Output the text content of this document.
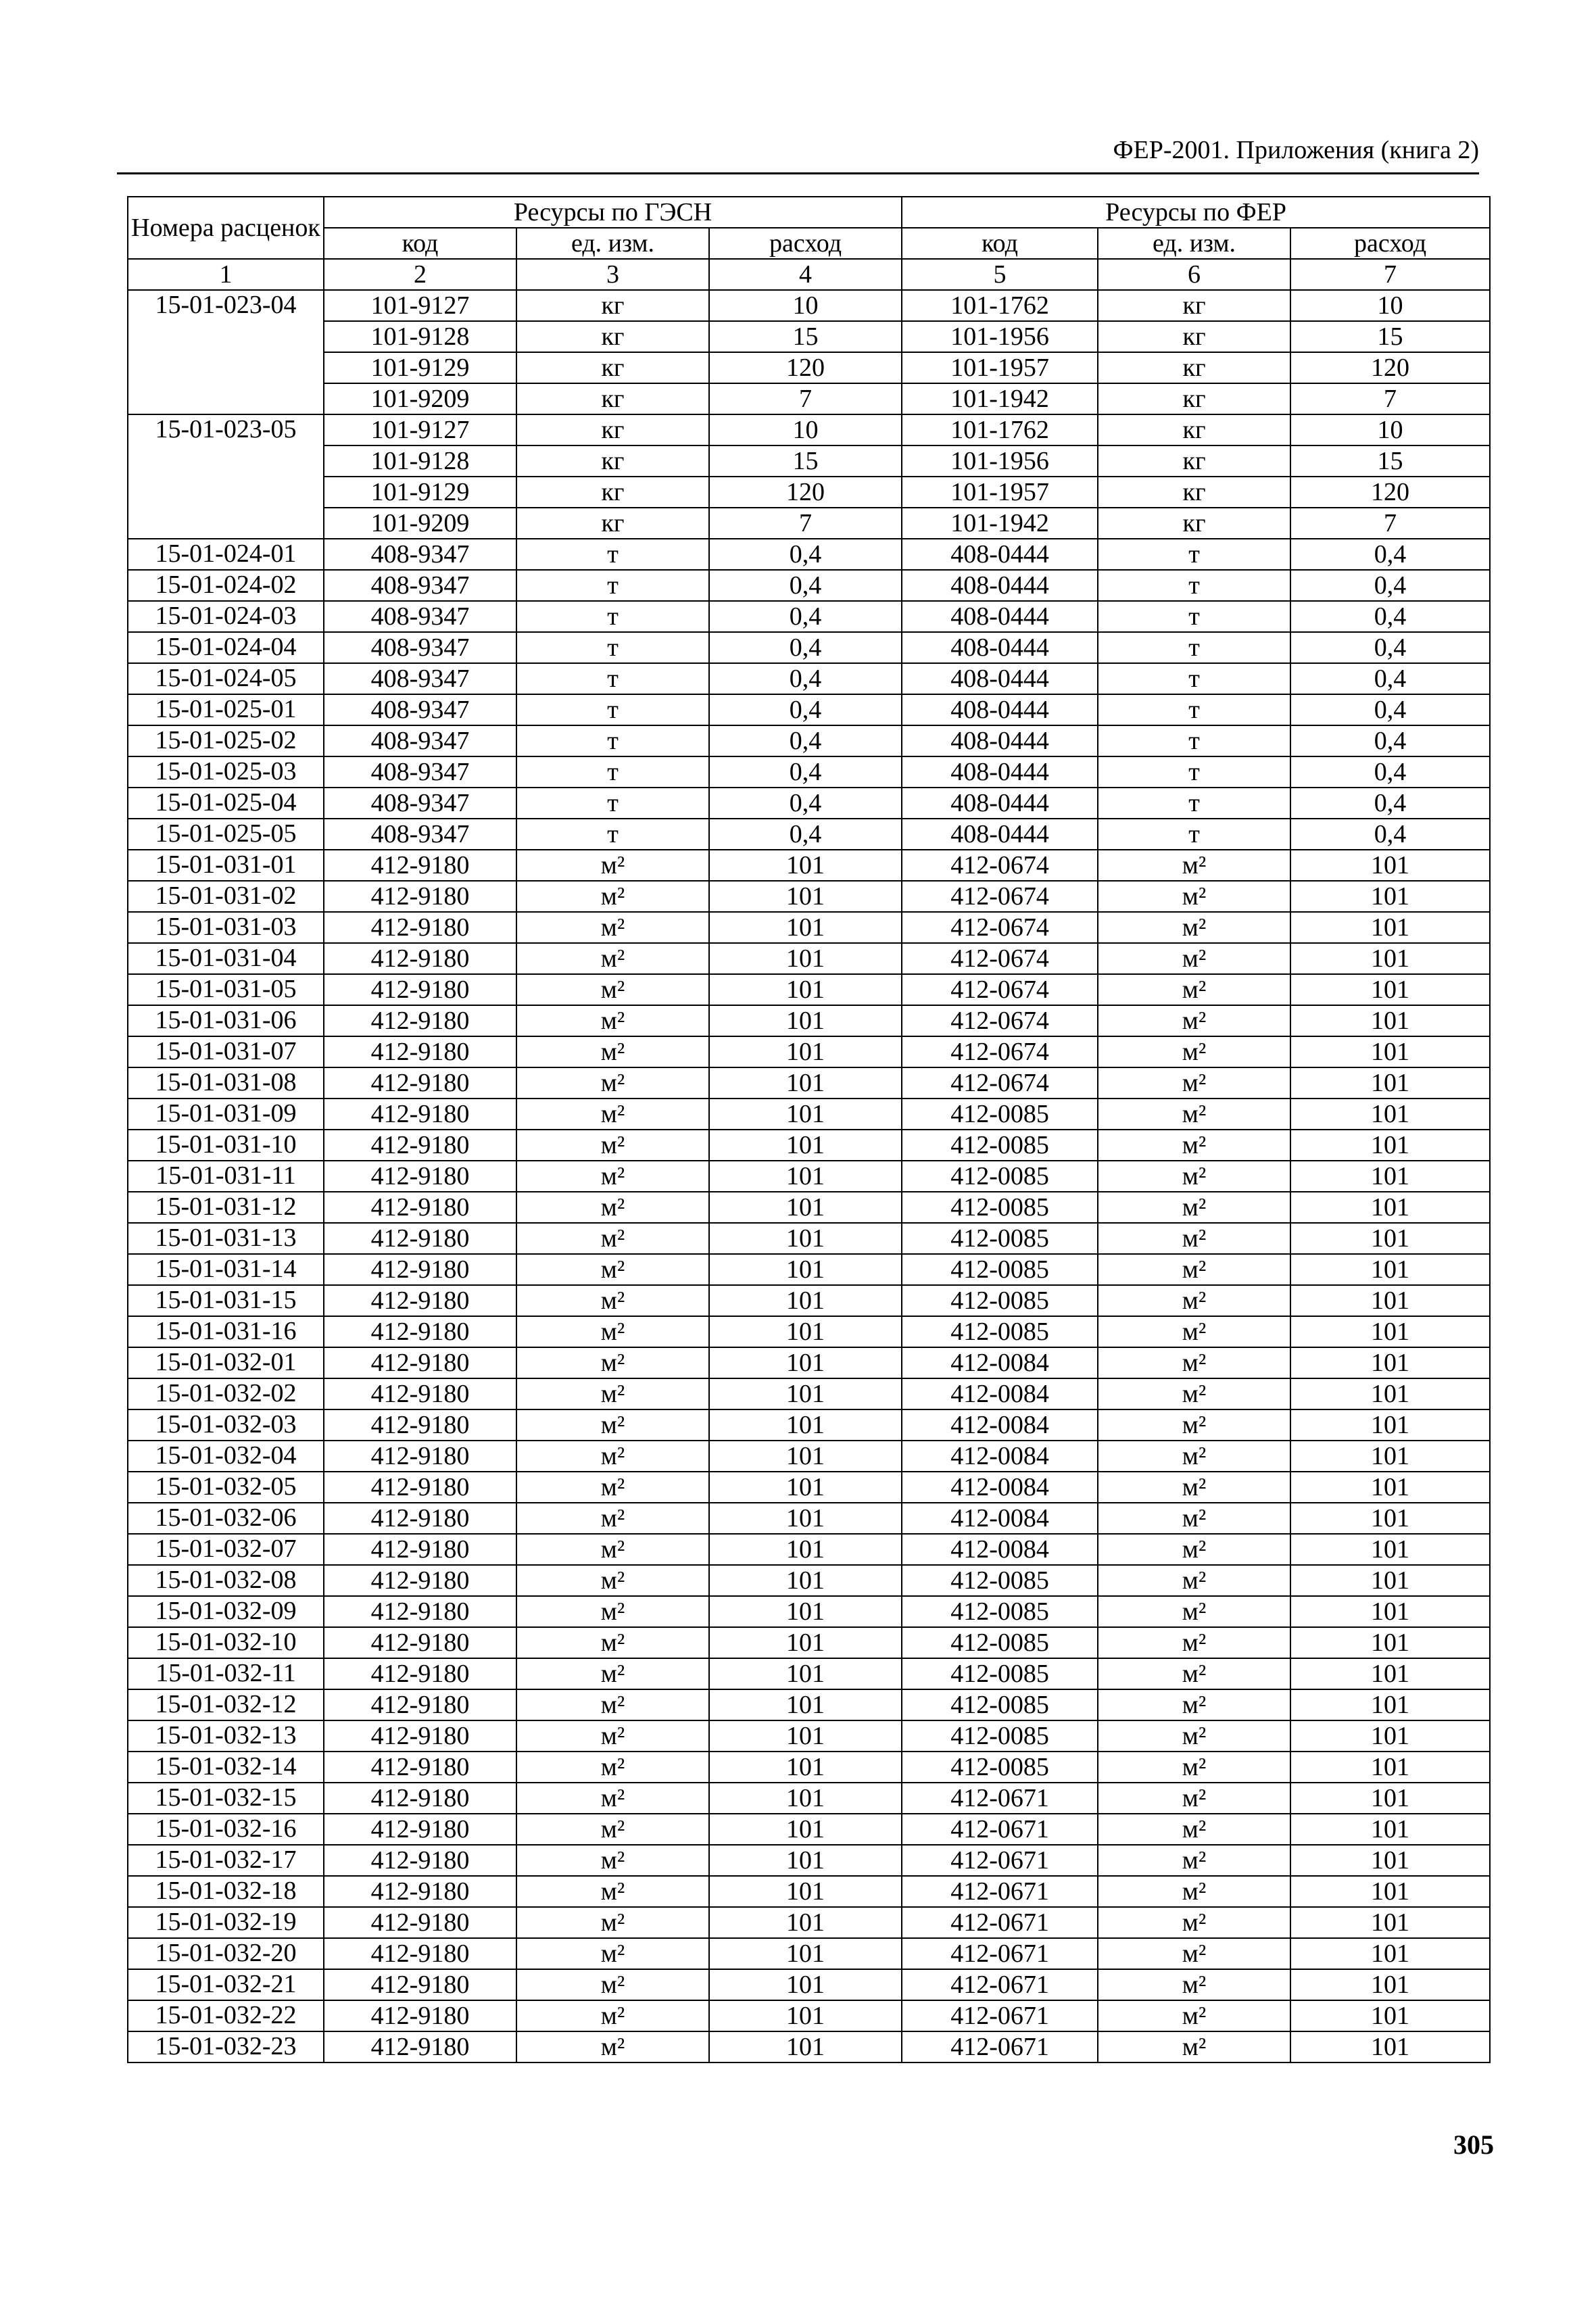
ФЕР-2001. Приложения (книга 2)
Номера расценок	Ресурсы по ГЭСН			Ресурсы по ФЕР		
	код	ед. изм.	расход	код	ед. изм.	расход
1	2	3	4	5	6	7
15-01-023-04	101-9127	кг	10	101-1762	кг	10
	101-9128	кг	15	101-1956	кг	15
	101-9129	кг	120	101-1957	кг	120
	101-9209	кг	7	101-1942	кг	7
15-01-023-05	101-9127	кг	10	101-1762	кг	10
	101-9128	кг	15	101-1956	кг	15
	101-9129	кг	120	101-1957	кг	120
	101-9209	кг	7	101-1942	кг	7
15-01-024-01	408-9347	т	0,4	408-0444	т	0,4
15-01-024-02	408-9347	т	0,4	408-0444	т	0,4
15-01-024-03	408-9347	т	0,4	408-0444	т	0,4
15-01-024-04	408-9347	т	0,4	408-0444	т	0,4
15-01-024-05	408-9347	т	0,4	408-0444	т	0,4
15-01-025-01	408-9347	т	0,4	408-0444	т	0,4
15-01-025-02	408-9347	т	0,4	408-0444	т	0,4
15-01-025-03	408-9347	т	0,4	408-0444	т	0,4
15-01-025-04	408-9347	т	0,4	408-0444	т	0,4
15-01-025-05	408-9347	т	0,4	408-0444	т	0,4
15-01-031-01	412-9180	м²	101	412-0674	м²	101
15-01-031-02	412-9180	м²	101	412-0674	м²	101
15-01-031-03	412-9180	м²	101	412-0674	м²	101
15-01-031-04	412-9180	м²	101	412-0674	м²	101
15-01-031-05	412-9180	м²	101	412-0674	м²	101
15-01-031-06	412-9180	м²	101	412-0674	м²	101
15-01-031-07	412-9180	м²	101	412-0674	м²	101
15-01-031-08	412-9180	м²	101	412-0674	м²	101
15-01-031-09	412-9180	м²	101	412-0085	м²	101
15-01-031-10	412-9180	м²	101	412-0085	м²	101
15-01-031-11	412-9180	м²	101	412-0085	м²	101
15-01-031-12	412-9180	м²	101	412-0085	м²	101
15-01-031-13	412-9180	м²	101	412-0085	м²	101
15-01-031-14	412-9180	м²	101	412-0085	м²	101
15-01-031-15	412-9180	м²	101	412-0085	м²	101
15-01-031-16	412-9180	м²	101	412-0085	м²	101
15-01-032-01	412-9180	м²	101	412-0084	м²	101
15-01-032-02	412-9180	м²	101	412-0084	м²	101
15-01-032-03	412-9180	м²	101	412-0084	м²	101
15-01-032-04	412-9180	м²	101	412-0084	м²	101
15-01-032-05	412-9180	м²	101	412-0084	м²	101
15-01-032-06	412-9180	м²	101	412-0084	м²	101
15-01-032-07	412-9180	м²	101	412-0084	м²	101
15-01-032-08	412-9180	м²	101	412-0085	м²	101
15-01-032-09	412-9180	м²	101	412-0085	м²	101
15-01-032-10	412-9180	м²	101	412-0085	м²	101
15-01-032-11	412-9180	м²	101	412-0085	м²	101
15-01-032-12	412-9180	м²	101	412-0085	м²	101
15-01-032-13	412-9180	м²	101	412-0085	м²	101
15-01-032-14	412-9180	м²	101	412-0085	м²	101
15-01-032-15	412-9180	м²	101	412-0671	м²	101
15-01-032-16	412-9180	м²	101	412-0671	м²	101
15-01-032-17	412-9180	м²	101	412-0671	м²	101
15-01-032-18	412-9180	м²	101	412-0671	м²	101
15-01-032-19	412-9180	м²	101	412-0671	м²	101
15-01-032-20	412-9180	м²	101	412-0671	м²	101
15-01-032-21	412-9180	м²	101	412-0671	м²	101
15-01-032-22	412-9180	м²	101	412-0671	м²	101
15-01-032-23	412-9180	м²	101	412-0671	м²	101
305
